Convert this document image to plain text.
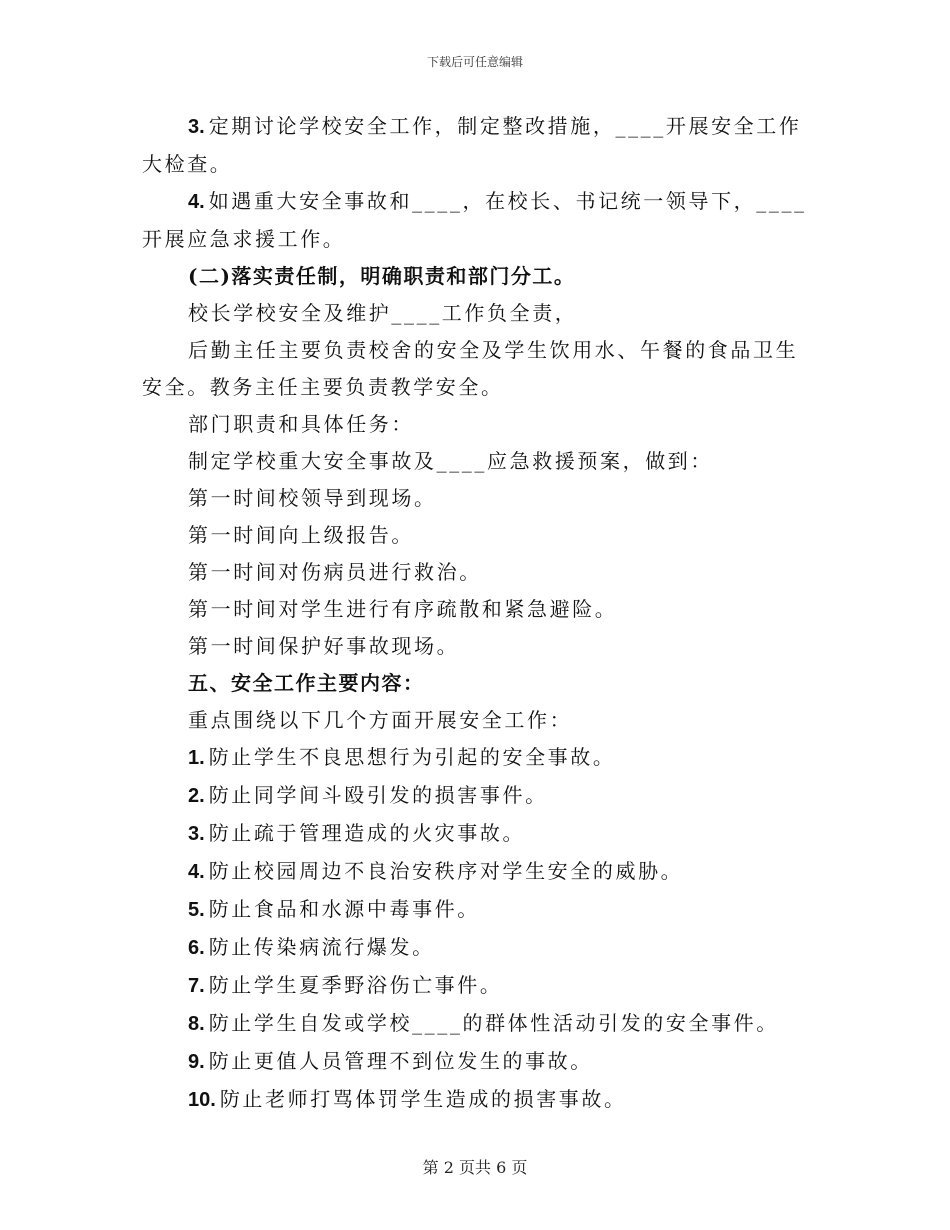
下载后可任意编辑

3. 定期讨论学校安全工作，制定整改措施，____开展安全工作大检查。

4. 如遇重大安全事故和____，在校长、书记统一领导下，____开展应急求援工作。

(二)落实责任制，明确职责和部门分工。

校长学校安全及维护____工作负全责，

后勤主任主要负责校舍的安全及学生饮用水、午餐的食品卫生安全。教务主任主要负责教学安全。

部门职责和具体任务：

制定学校重大安全事故及____应急救援预案，做到：

第一时间校领导到现场。

第一时间向上级报告。

第一时间对伤病员进行救治。

第一时间对学生进行有序疏散和紧急避险。

第一时间保护好事故现场。

五、安全工作主要内容：

重点围绕以下几个方面开展安全工作：

1. 防止学生不良思想行为引起的安全事故。

2. 防止同学间斗殴引发的损害事件。

3. 防止疏于管理造成的火灾事故。

4. 防止校园周边不良治安秩序对学生安全的威胁。

5. 防止食品和水源中毒事件。

6. 防止传染病流行爆发。

7. 防止学生夏季野浴伤亡事件。

8. 防止学生自发或学校____的群体性活动引发的安全事件。

9. 防止更值人员管理不到位发生的事故。

10. 防止老师打骂体罚学生造成的损害事故。

第 2 页共 6 页
